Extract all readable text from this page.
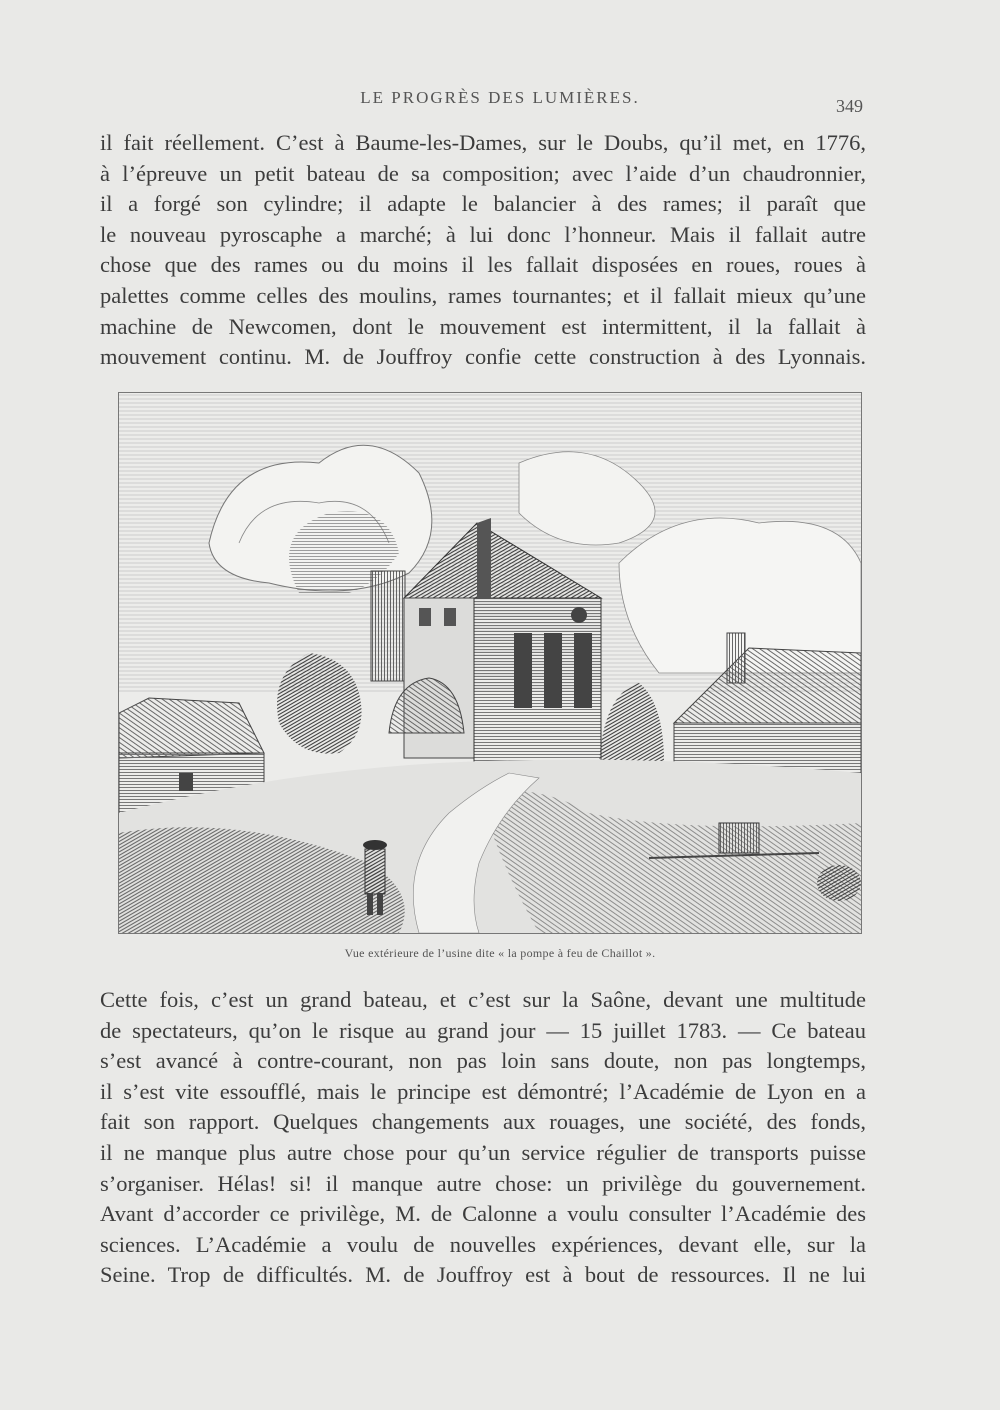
LE PROGRÈS DES LUMIÈRES.	349
il fait réellement. C’est à Baume-les-Dames, sur le Doubs, qu’il met, en 1776,
à l’épreuve un petit bateau de sa composition; avec l’aide d’un chaudronnier,
il a forgé son cylindre; il adapte le balancier à des rames; il paraît que
le nouveau pyroscaphe a marché; à lui donc l’honneur. Mais il fallait autre
chose que des rames ou du moins il les fallait disposées en roues, roues à
palettes comme celles des moulins, rames tournantes; et il fallait mieux qu’une
machine de Newcomen, dont le mouvement est intermittent, il la fallait à
mouvement continu. M. de Jouffroy confie cette construction à des Lyonnais.
Vue extérieure de l’usine dite « la pompe à feu de Chaillot ».
Cette fois, c’est un grand bateau, et c’est sur la Saône, devant une multitude
de spectateurs, qu’on le risque au grand jour — 15 juillet 1783. — Ce bateau
s’est avancé à contre-courant, non pas loin sans doute, non pas longtemps,
il s’est vite essoufflé, mais le principe est démontré; l’Académie de Lyon en a
fait son rapport. Quelques changements aux rouages, une société, des fonds,
il ne manque plus autre chose pour qu’un service régulier de transports puisse
s’organiser. Hélas! si! il manque autre chose: un privilège du gouvernement.
Avant d’accorder ce privilège, M. de Calonne a voulu consulter l’Académie des
sciences. L’Académie a voulu de nouvelles expériences, devant elle, sur la
Seine. Trop de difficultés. M. de Jouffroy est à bout de ressources. Il ne lui
